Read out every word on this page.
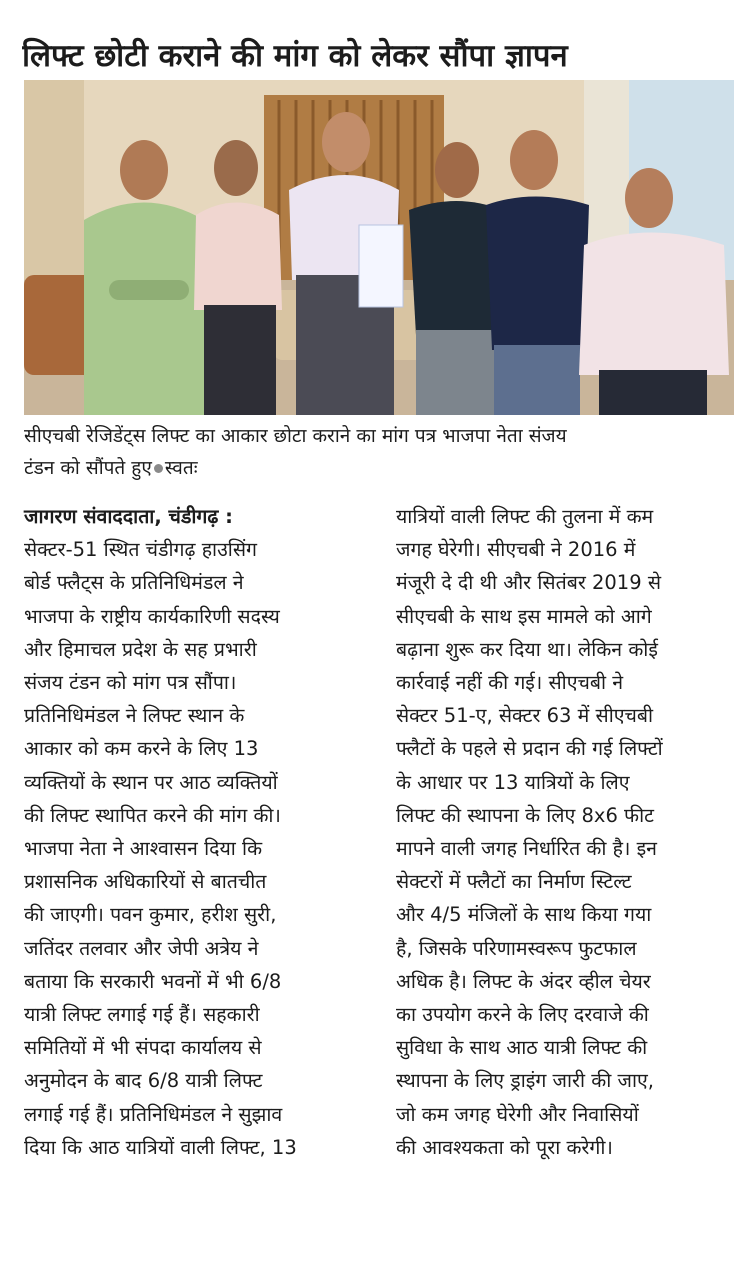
लिफ्ट छोटी कराने की मांग को लेकर सौंपा ज्ञापन
सीएचबी रेजिडेंट्स लिफ्ट का आकार छोटा कराने का मांग पत्र भाजपा नेता संजय
टंडन को सौंपते हुए स्वतः

जागरण संवाददाता, चंडीगढ़ :

सेक्टर-51 स्थित चंडीगढ़ हाउसिंग

बोर्ड फ्लैट्स के प्रतिनिधिमंडल ने

भाजपा के राष्ट्रीय कार्यकारिणी सदस्य

और हिमाचल प्रदेश के सह प्रभारी

संजय टंडन को मांग पत्र सौंपा।

प्रतिनिधिमंडल ने लिफ्ट स्थान के

आकार को कम करने के लिए 13

व्यक्तियों के स्थान पर आठ व्यक्तियों

की लिफ्ट स्थापित करने की मांग की।

भाजपा नेता ने आश्वासन दिया कि

प्रशासनिक अधिकारियों से बातचीत

की जाएगी। पवन कुमार, हरीश सुरी,

जतिंदर तलवार और जेपी अत्रेय ने

बताया कि सरकारी भवनों में भी 6/8

यात्री लिफ्ट लगाई गई हैं। सहकारी

समितियों में भी संपदा कार्यालय से

अनुमोदन के बाद 6/8 यात्री लिफ्ट

लगाई गई हैं। प्रतिनिधिमंडल ने सुझाव

दिया कि आठ यात्रियों वाली लिफ्ट, 13

यात्रियों वाली लिफ्ट की तुलना में कम

जगह घेरेगी। सीएचबी ने 2016 में

मंजूरी दे दी थी और सितंबर 2019 से

सीएचबी के साथ इस मामले को आगे

बढ़ाना शुरू कर दिया था। लेकिन कोई

कार्रवाई नहीं की गई। सीएचबी ने

सेक्टर 51-ए, सेक्टर 63 में सीएचबी

फ्लैटों के पहले से प्रदान की गई लिफ्टों

के आधार पर 13 यात्रियों के लिए

लिफ्ट की स्थापना के लिए 8x6 फीट

मापने वाली जगह निर्धारित की है। इन

सेक्टरों में फ्लैटों का निर्माण स्टिल्ट

और 4/5 मंजिलों के साथ किया गया

है, जिसके परिणामस्वरूप फुटफाल

अधिक है। लिफ्ट के अंदर व्हील चेयर

का उपयोग करने के लिए दरवाजे की

सुविधा के साथ आठ यात्री लिफ्ट की

स्थापना के लिए ड्राइंग जारी की जाए,

जो कम जगह घेरेगी और निवासियों

की आवश्यकता को पूरा करेगी।
